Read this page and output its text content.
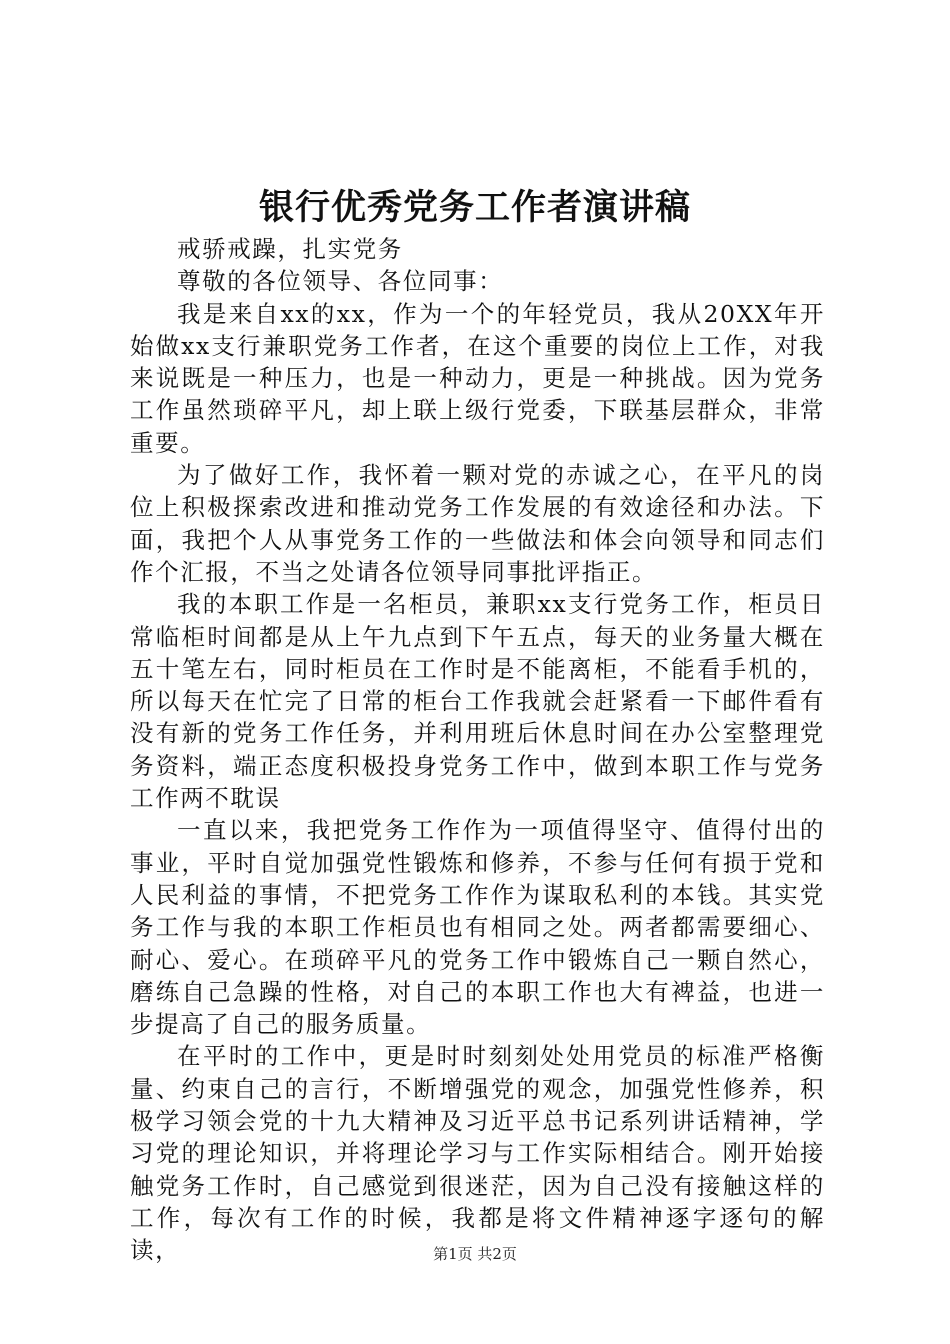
银行优秀党务工作者演讲稿

戒骄戒躁，扎实党务

尊敬的各位领导、各位同事：

我是来自xx的xx，作为一个的年轻党员，我从20XX年开始做xx支行兼职党务工作者，在这个重要的岗位上工作，对我来说既是一种压力，也是一种动力，更是一种挑战。因为党务工作虽然琐碎平凡，却上联上级行党委，下联基层群众，非常重要。

为了做好工作，我怀着一颗对党的赤诚之心，在平凡的岗位上积极探索改进和推动党务工作发展的有效途径和办法。下面，我把个人从事党务工作的一些做法和体会向领导和同志们作个汇报，不当之处请各位领导同事批评指正。

我的本职工作是一名柜员，兼职xx支行党务工作，柜员日常临柜时间都是从上午九点到下午五点，每天的业务量大概在五十笔左右，同时柜员在工作时是不能离柜，不能看手机的，所以每天在忙完了日常的柜台工作我就会赶紧看一下邮件看有没有新的党务工作任务，并利用班后休息时间在办公室整理党务资料，端正态度积极投身党务工作中，做到本职工作与党务工作两不耽误

一直以来，我把党务工作作为一项值得坚守、值得付出的事业，平时自觉加强党性锻炼和修养，不参与任何有损于党和人民利益的事情，不把党务工作作为谋取私利的本钱。其实党务工作与我的本职工作柜员也有相同之处。两者都需要细心、耐心、爱心。在琐碎平凡的党务工作中锻炼自己一颗自然心，磨练自己急躁的性格，对自己的本职工作也大有裨益，也进一步提高了自己的服务质量。

在平时的工作中，更是时时刻刻处处用党员的标准严格衡量、约束自己的言行，不断增强党的观念，加强党性修养，积极学习领会党的十九大精神及习近平总书记系列讲话精神，学习党的理论知识，并将理论学习与工作实际相结合。刚开始接触党务工作时，自己感觉到很迷茫，因为自己没有接触这样的工作，每次有工作的时候，我都是将文件精神逐字逐句的解读，	第1页 共2页
